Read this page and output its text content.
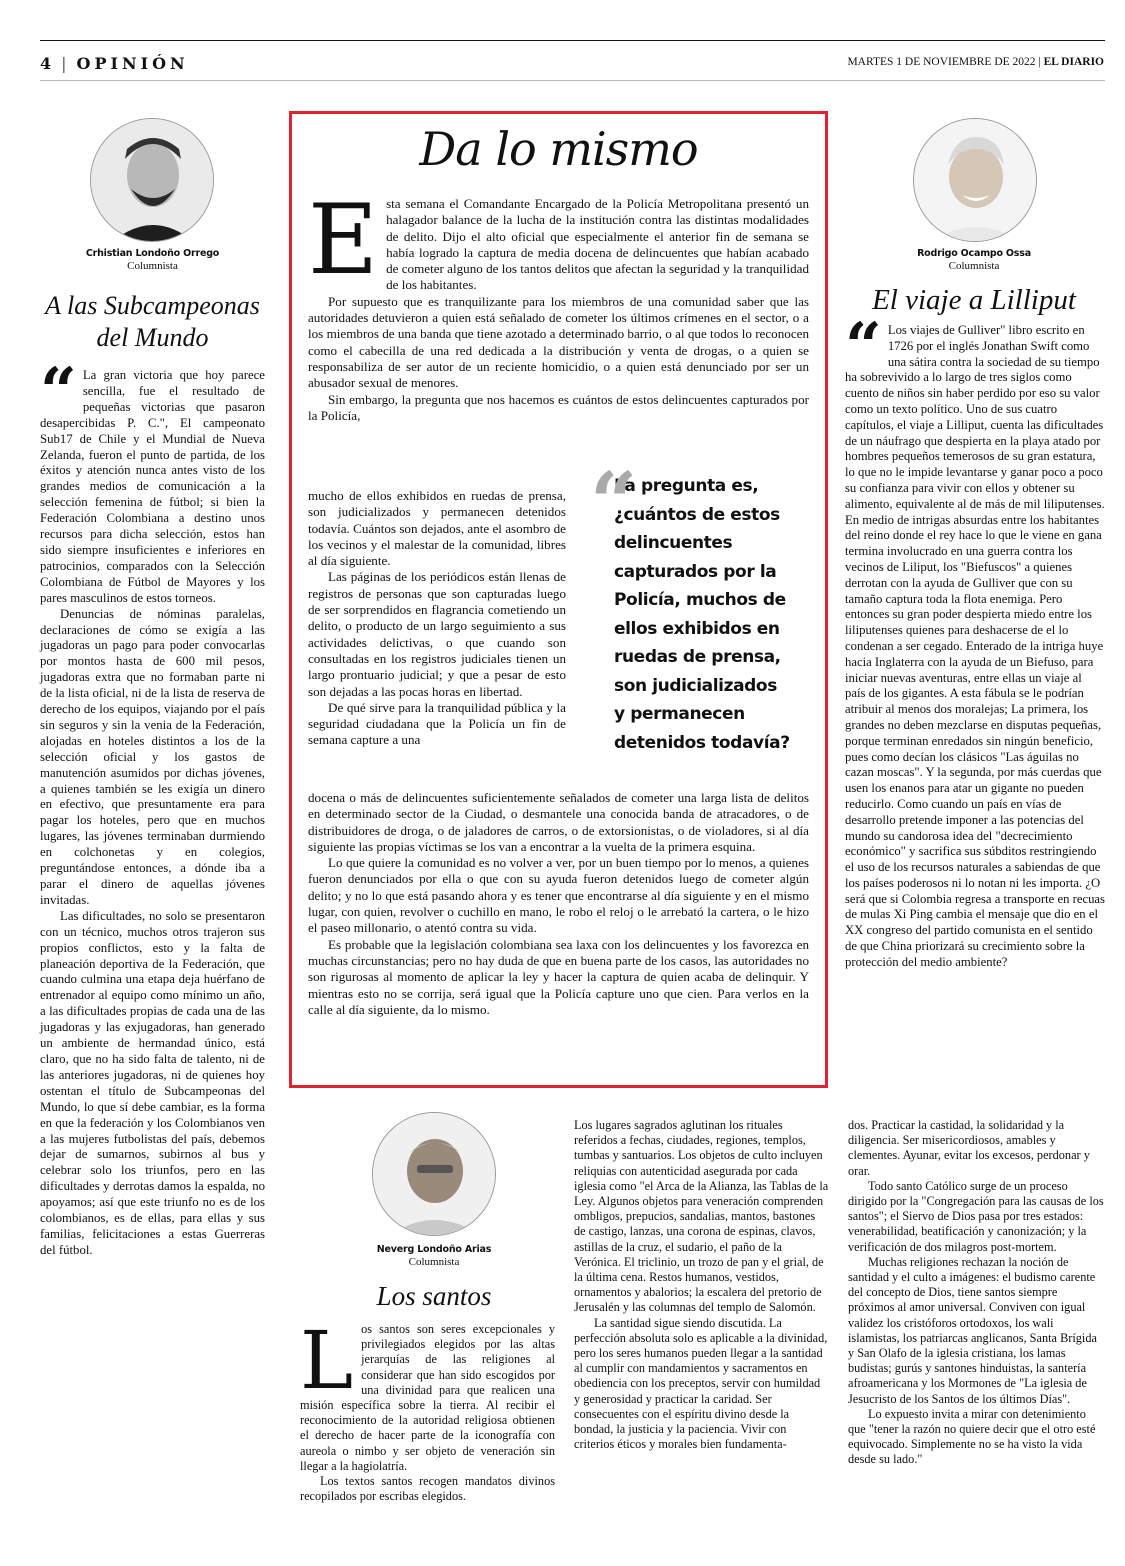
4 | OPINIÓN	MARTES 1 DE NOVIEMBRE DE 2022 | EL DIARIO
Crhistian Londoño Orrego
Columnista
A las Subcampeonas
del Mundo
“ La gran victoria que hoy parece sencilla, fue el resultado de pequeñas victorias que pasaron desapercibidas P. C.", El campeonato Sub17 de Chile y el Mundial de Nueva Zelanda, fueron el punto de partida, de los éxitos y atención nunca antes visto de los grandes medios de comunicación a la selección femenina de fútbol; si bien la Federación Colombiana a destino unos recursos para dicha selección, estos han sido siempre insuficientes e inferiores en patrocinios, comparados con la Selección Colombiana de Fútbol de Mayores y los pares masculinos de estos torneos.

Denuncias de nóminas paralelas, declaraciones de cómo se exigía a las jugadoras un pago para poder convocarlas por montos hasta de 600 mil pesos, jugadoras extra que no formaban parte ni de la lista oficial, ni de la lista de reserva de derecho de los equipos, viajando por el país sin seguros y sin la venia de la Federación, alojadas en hoteles distintos a los de la selección oficial y los gastos de manutención asumidos por dichas jóvenes, a quienes también se les exigía un dinero en efectivo, que presuntamente era para pagar los hoteles, pero que en muchos lugares, las jóvenes terminaban durmiendo en colchonetas y en colegios, preguntándose entonces, a dónde iba a parar el dinero de aquellas jóvenes invitadas.

Las dificultades, no solo se presentaron con un técnico, muchos otros trajeron sus propios conflictos, esto y la falta de planeación deportiva de la Federación, que cuando culmina una etapa deja huérfano de entrenador al equipo como mínimo un año, a las dificultades propias de cada una de las jugadoras y las exjugadoras, han generado un ambiente de hermandad único, está claro, que no ha sido falta de talento, ni de las anteriores jugadoras, ni de quienes hoy ostentan el título de Subcampeonas del Mundo, lo que sí debe cambiar, es la forma en que la federación y los Colombianos ven a las mujeres futbolistas del país, debemos dejar de sumarnos, subirnos al bus y celebrar solo los triunfos, pero en las dificultades y derrotas damos la espalda, no apoyamos; así que este triunfo no es de los colombianos, es de ellas, para ellas y sus familias, felicitaciones a estas Guerreras del fútbol.

Da lo mismo
E sta semana el Comandante Encargado de la Policía Metropolitana presentó un halagador balance de la lucha de la institución contra las distintas modalidades de delito. Dijo el alto oficial que especialmente el anterior fin de semana se había logrado la captura de media docena de delincuentes que habían acabado de cometer alguno de los tantos delitos que afectan la seguridad y la tranquilidad de los habitantes.

Por supuesto que es tranquilizante para los miembros de una comunidad saber que las autoridades detuvieron a quien está señalado de cometer los últimos crímenes en el sector, o a los miembros de una banda que tiene azotado a determinado barrio, o al que todos lo reconocen como el cabecilla de una red dedicada a la distribución y venta de drogas, o a quien se responsabiliza de ser autor de un reciente homicidio, o a quien está denunciado por ser un abusador sexual de menores.

Sin embargo, la pregunta que nos hacemos es cuántos de estos delincuentes capturados por la Policía,

mucho de ellos exhibidos en ruedas de prensa, son judicializados y permanecen detenidos todavía. Cuántos son dejados, ante el asombro de los vecinos y el malestar de la comunidad, libres al día siguiente.

Las páginas de los periódicos están llenas de registros de personas que son capturadas luego de ser sorprendidos en flagrancia cometiendo un delito, o producto de un largo seguimiento a sus actividades delictivas, o que cuando son consultadas en los registros judiciales tienen un largo prontuario judicial; y que a pesar de esto son dejadas a las pocas horas en libertad.

De qué sirve para la tranquilidad pública y la seguridad ciudadana que la Policía un fin de semana capture a una

docena o más de delincuentes suficientemente señalados de cometer una larga lista de delitos en determinado sector de la Ciudad, o desmantele una conocida banda de atracadores, o de distribuidores de droga, o de jaladores de carros, o de extorsionistas, o de violadores, si al día siguiente las propias víctimas se los van a encontrar a la vuelta de la primera esquina.

Lo que quiere la comunidad es no volver a ver, por un buen tiempo por lo menos, a quienes fueron denunciados por ella o que con su ayuda fueron detenidos luego de cometer algún delito; y no lo que está pasando ahora y es tener que encontrarse al día siguiente y en el mismo lugar, con quien, revolver o cuchillo en mano, le robo el reloj o le arrebató la cartera, o le hizo el paseo millonario, o atentó contra su vida.

Es probable que la legislación colombiana sea laxa con los delincuentes y los favorezca en muchas circunstancias; pero no hay duda de que en buena parte de los casos, las autoridades no son rigurosas al momento de aplicar la ley y hacer la captura de quien acaba de delinquir. Y mientras esto no se corrija, será igual que la Policía capture uno que cien. Para verlos en la calle al día siguiente, da lo mismo.

“
La pregunta es, ¿cuántos de estos delincuentes capturados por la Policía, muchos de ellos exhibidos en ruedas de prensa, son judicializados y permanecen detenidos todavía?
Rodrigo Ocampo Ossa
Columnista
El viaje a Lilliput
“ Los viajes de Gulliver" libro escrito en 1726 por el inglés Jonathan Swift como una sátira contra la sociedad de su tiempo ha sobrevivido a lo largo de tres siglos como cuento de niños sin haber perdido por eso su valor como un texto político. Uno de sus cuatro capítulos, el viaje a Lilliput, cuenta las dificultades de un náufrago que despierta en la playa atado por hombres pequeños temerosos de su gran estatura, lo que no le impide levantarse y ganar poco a poco su confianza para vivir con ellos y obtener su alimento, equivalente al de más de mil liliputenses. En medio de intrigas absurdas entre los habitantes del reino donde el rey hace lo que le viene en gana termina involucrado en una guerra contra los vecinos de Liliput, los "Biefuscos" a quienes derrotan con la ayuda de Gulliver que con su tamaño captura toda la flota enemiga. Pero entonces su gran poder despierta miedo entre los liliputenses quienes para deshacerse de el lo condenan a ser cegado. Enterado de la intriga huye hacia Inglaterra con la ayuda de un Biefuso, para iniciar nuevas aventuras, entre ellas un viaje al país de los gigantes. A esta fábula se le podrían atribuir al menos dos moralejas; La primera, los grandes no deben mezclarse en disputas pequeñas, porque terminan enredados sin ningún beneficio, pues como decían los clásicos "Las águilas no cazan moscas". Y la segunda, por más cuerdas que usen los enanos para atar un gigante no pueden reducirlo. Como cuando un país en vías de desarrollo pretende imponer a las potencias del mundo su candorosa idea del "decrecimiento económico" y sacrifica sus súbditos restringiendo el uso de los recursos naturales a sabiendas de que los países poderosos ni lo notan ni les importa. ¿O será que si Colombia regresa a transporte en recuas de mulas Xi Ping cambia el mensaje que dio en el XX congreso del partido comunista en el sentido de que China priorizará su crecimiento sobre la protección del medio ambiente?

Neverg Londoño Arias
Columnista
Los santos
L os santos son seres excepcionales y privilegiados elegidos por las altas jerarquías de las religiones al considerar que han sido escogidos por una divinidad para que realicen una misión específica sobre la tierra. Al recibir el reconocimiento de la autoridad religiosa obtienen el derecho de hacer parte de la iconografía con aureola o nimbo y ser objeto de veneración sin llegar a la hagiolatría.

Los textos santos recogen mandatos divinos recopilados por escribas elegidos.

Los lugares sagrados aglutinan los rituales referidos a fechas, ciudades, regiones, templos, tumbas y santuarios. Los objetos de culto incluyen reliquias con autenticidad asegurada por cada iglesia como "el Arca de la Alianza, las Tablas de la Ley. Algunos objetos para veneración comprenden ombligos, prepucios, sandalias, mantos, bastones de castigo, lanzas, una corona de espinas, clavos, astillas de la cruz, el sudario, el paño de la Verónica. El triclinio, un trozo de pan y el grial, de la última cena. Restos humanos, vestidos, ornamentos y abalorios; la escalera del pretorio de Jerusalén y las columnas del templo de Salomón.

La santidad sigue siendo discutida. La perfección absoluta solo es aplicable a la divinidad, pero los seres humanos pueden llegar a la santidad al cumplir con mandamientos y sacramentos en obediencia con los preceptos, servir con humildad y generosidad y practicar la caridad. Ser consecuentes con el espíritu divino desde la bondad, la justicia y la paciencia. Vivir con criterios éticos y morales bien fundamenta-

dos. Practicar la castidad, la solidaridad y la diligencia. Ser misericordiosos, amables y clementes. Ayunar, evitar los excesos, perdonar y orar.

Todo santo Católico surge de un proceso dirigido por la "Congregación para las causas de los santos"; el Siervo de Dios pasa por tres estados: venerabilidad, beatificación y canonización; y la verificación de dos milagros post-mortem.

Muchas religiones rechazan la noción de santidad y el culto a imágenes: el budismo carente del concepto de Dios, tiene santos siempre próximos al amor universal. Conviven con igual validez los cristóforos ortodoxos, los wali islamistas, los patriarcas anglicanos, Santa Brígida y San Olafo de la iglesia cristiana, los lamas budistas; gurús y santones hinduistas, la santería afroamericana y los Mormones de "La iglesia de Jesucristo de los Santos de los últimos Días".

Lo expuesto invita a mirar con detenimiento que "tener la razón no quiere decir que el otro esté equivocado. Simplemente no se ha visto la vida desde su lado."
